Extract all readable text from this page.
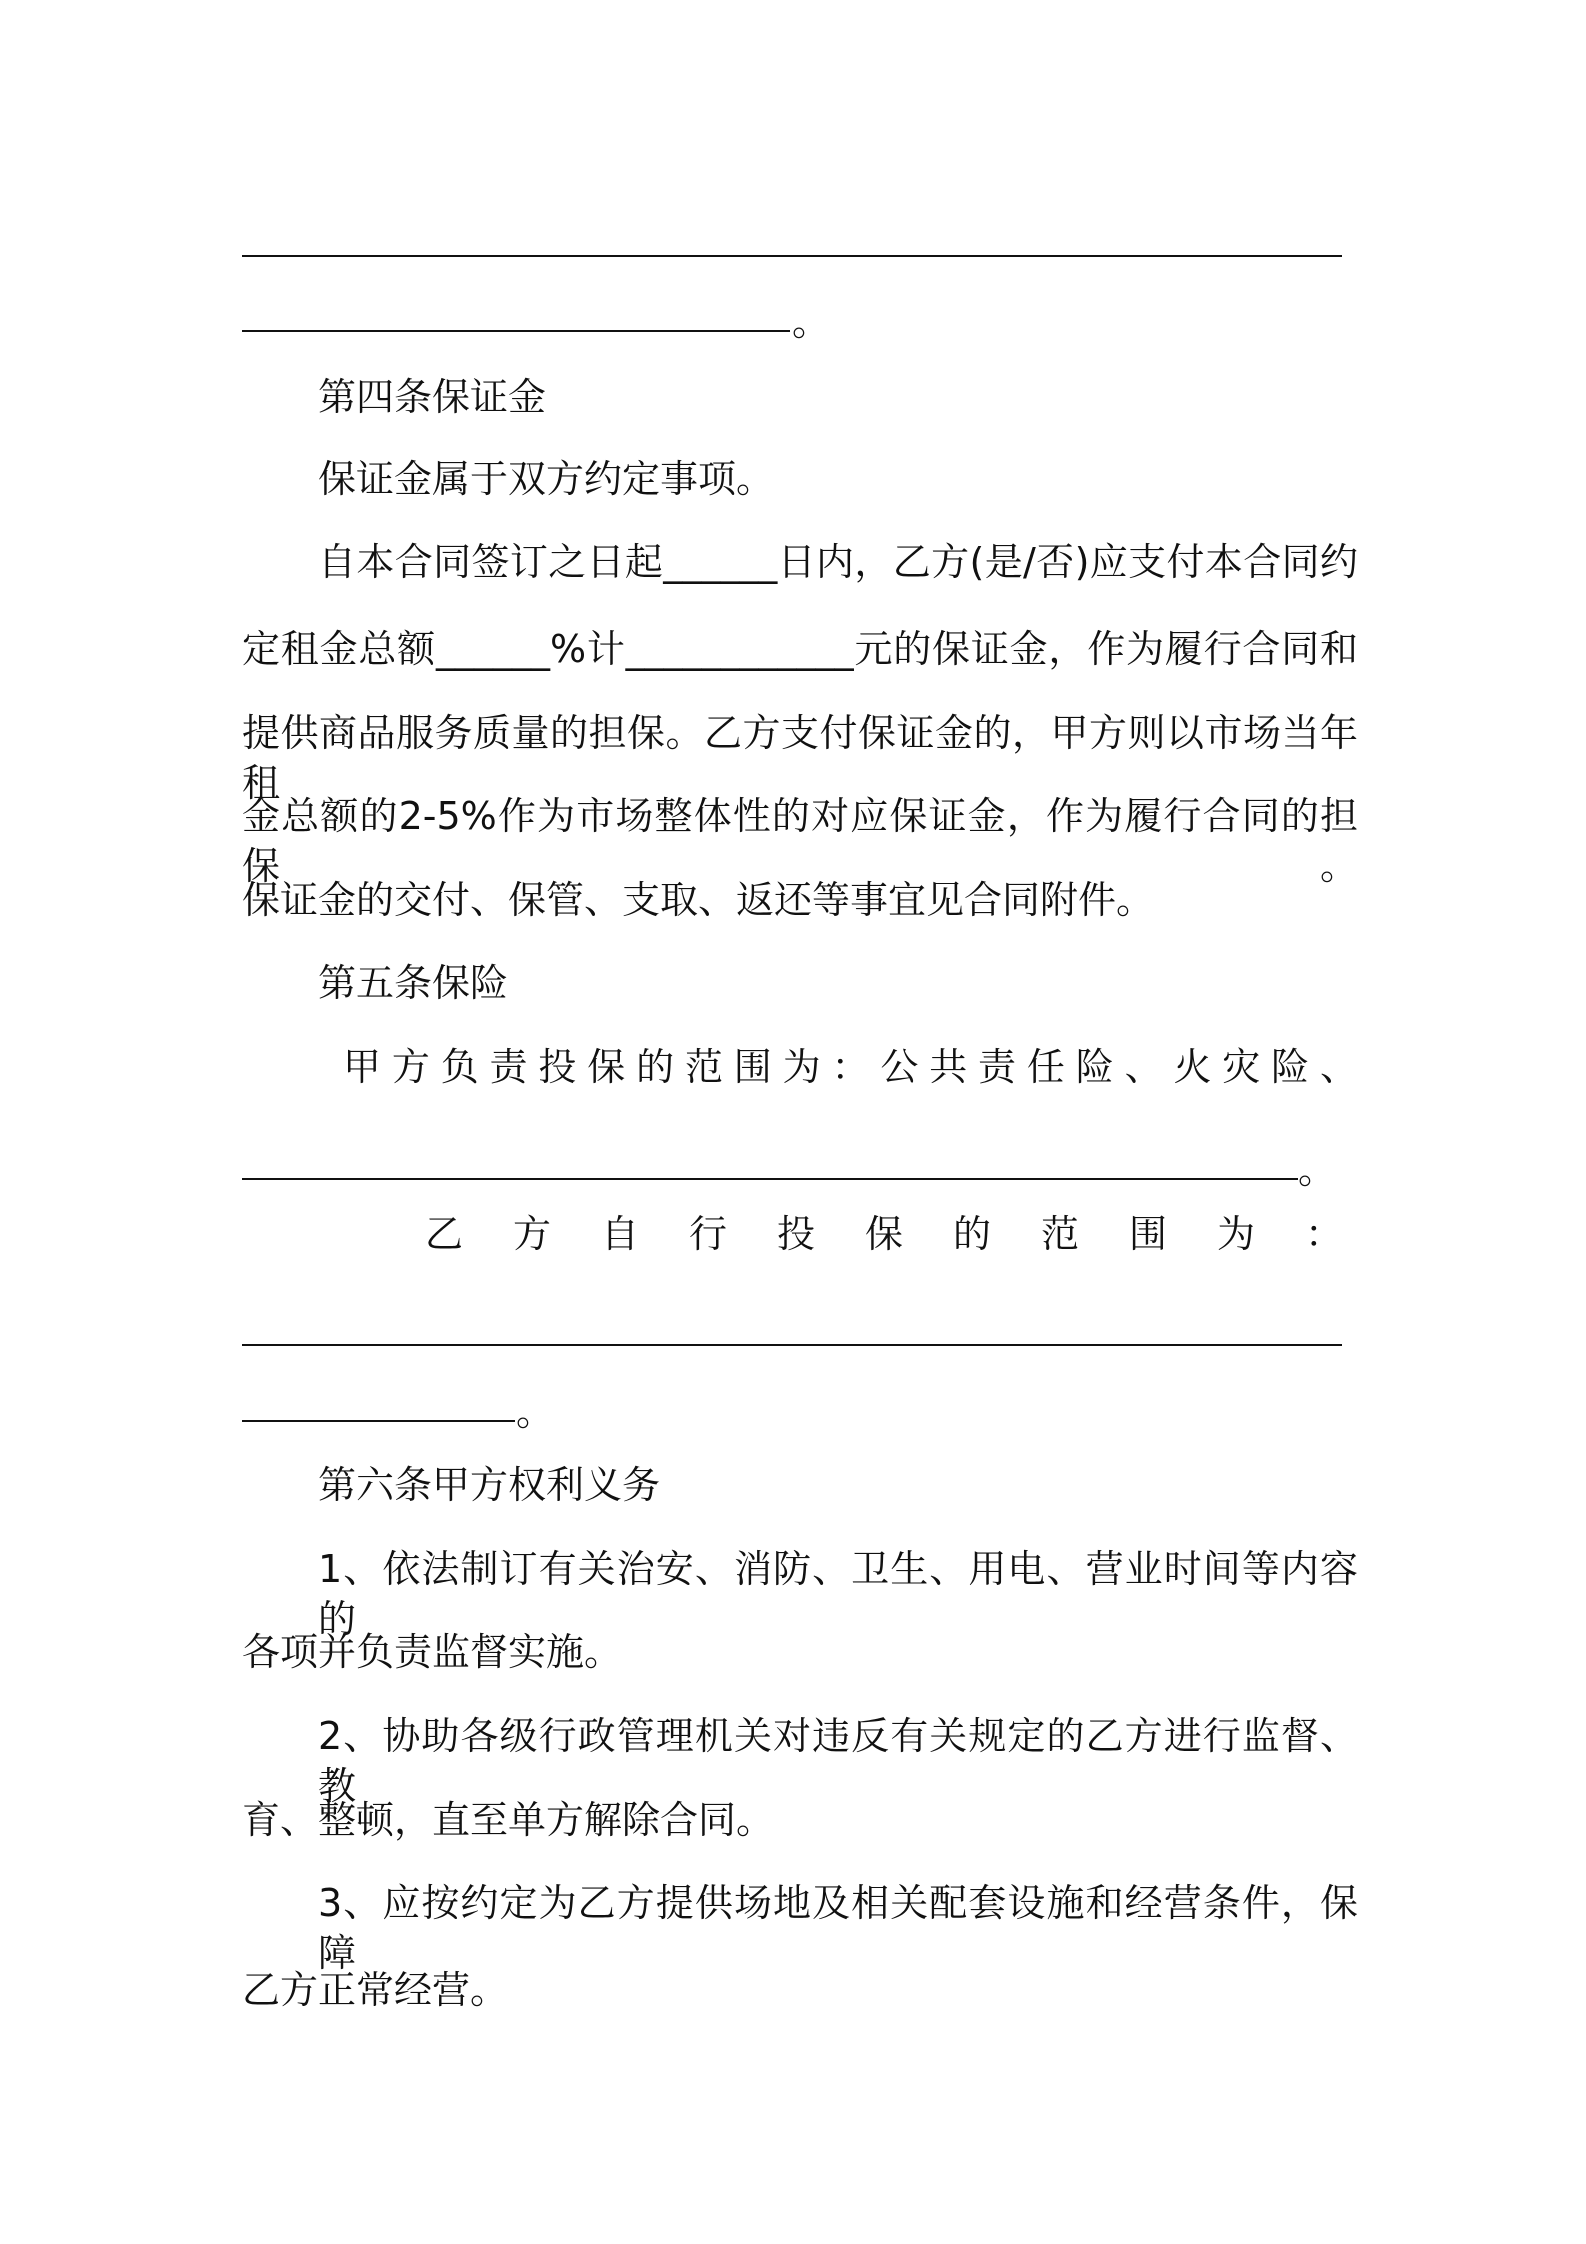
。
第四条保证金
保证金属于双方约定事项。
自本合同签订之日起______日内，乙方(是/否)应支付本合同约
定租金总额______%计____________元的保证金，作为履行合同和
提供商品服务质量的担保。乙方支付保证金的，甲方则以市场当年租
金总额的2-5%作为市场整体性的对应保证金，作为履行合同的担保。
保证金的交付、保管、支取、返还等事宜见合同附件。
第五条保险
甲方负责投保的范围为：公共责任险、火灾险、
。
乙方自行投保的范围为：
。
第六条甲方权利义务
1、依法制订有关治安、消防、卫生、用电、营业时间等内容的
各项并负责监督实施。
2、协助各级行政管理机关对违反有关规定的乙方进行监督、教
育、整顿，直至单方解除合同。
3、应按约定为乙方提供场地及相关配套设施和经营条件，保障
乙方正常经营。
